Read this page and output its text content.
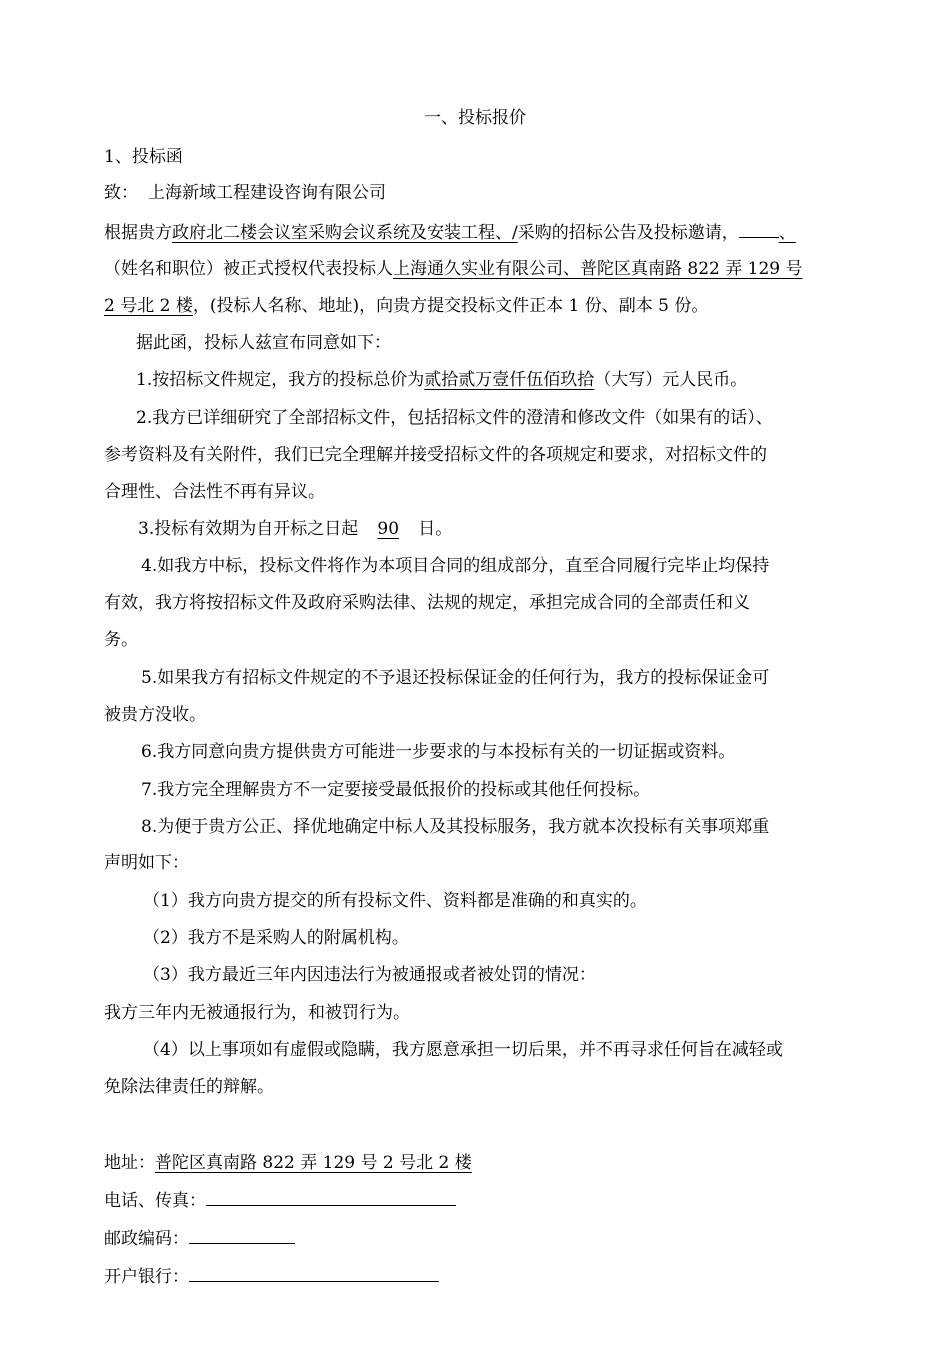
一、投标报价
1、投标函
致： 上海新域工程建设咨询有限公司
根据贵方政府北二楼会议室采购会议系统及安装工程、/采购的招标公告及投标邀请， 、
（姓名和职位）被正式授权代表投标人上海通久实业有限公司、普陀区真南路 822 弄 129 号
2 号北 2 楼，(投标人名称、地址)，向贵方提交投标文件正本 1 份、副本 5 份。
据此函，投标人兹宣布同意如下：
1.按招标文件规定，我方的投标总价为贰拾贰万壹仟伍佰玖拾（大写）元人民币。
2.我方已详细研究了全部招标文件，包括招标文件的澄清和修改文件（如果有的话）、
参考资料及有关附件，我们已完全理解并接受招标文件的各项规定和要求，对招标文件的
合理性、合法性不再有异议。
3.投标有效期为自开标之日起 90 日。
4.如我方中标，投标文件将作为本项目合同的组成部分，直至合同履行完毕止均保持
有效，我方将按招标文件及政府采购法律、法规的规定，承担完成合同的全部责任和义
务。
5.如果我方有招标文件规定的不予退还投标保证金的任何行为，我方的投标保证金可
被贵方没收。
6.我方同意向贵方提供贵方可能进一步要求的与本投标有关的一切证据或资料。
7.我方完全理解贵方不一定要接受最低报价的投标或其他任何投标。
8.为便于贵方公正、择优地确定中标人及其投标服务，我方就本次投标有关事项郑重
声明如下：
（1）我方向贵方提交的所有投标文件、资料都是准确的和真实的。
（2）我方不是采购人的附属机构。
（3）我方最近三年内因违法行为被通报或者被处罚的情况：
我方三年内无被通报行为，和被罚行为。
（4）以上事项如有虚假或隐瞒，我方愿意承担一切后果，并不再寻求任何旨在减轻或
免除法律责任的辩解。
地址：普陀区真南路 822 弄 129 号 2 号北 2 楼
电话、传真：
邮政编码：
开户银行：
